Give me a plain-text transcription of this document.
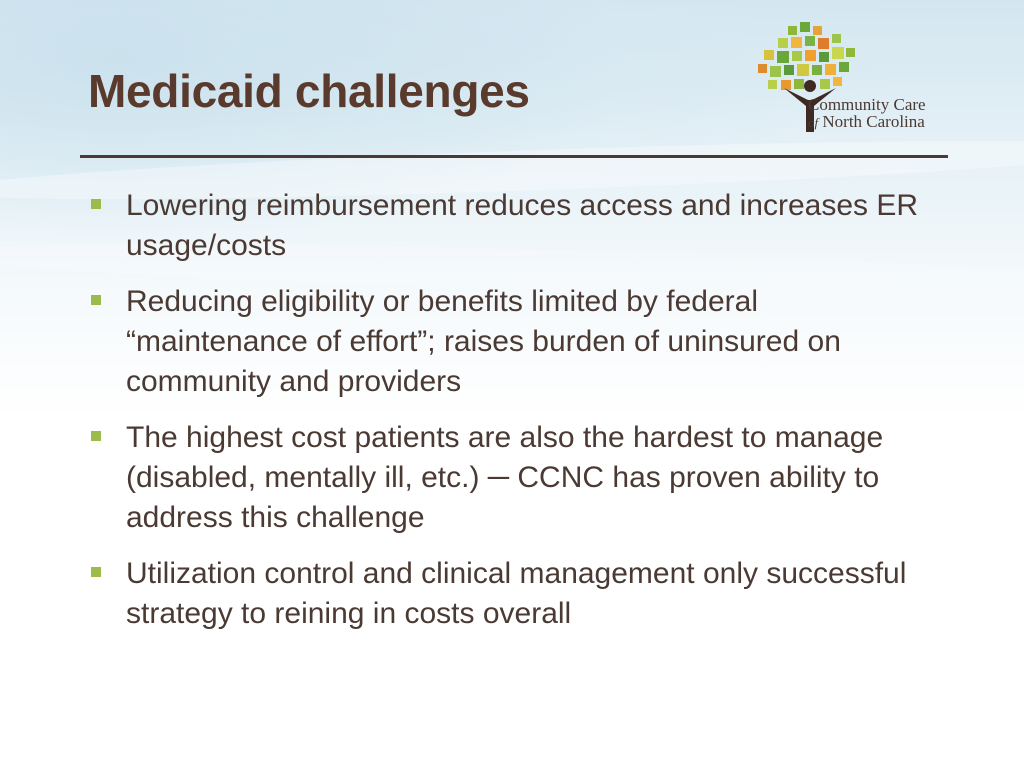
Medicaid challenges	Community Care
of North Carolina
Lowering reimbursement reduces access and increases ER usage/costs
Reducing eligibility or benefits limited by federal “maintenance of effort”; raises burden of uninsured on community and providers
The highest cost patients are also the hardest to manage (disabled, mentally ill, etc.) ─ CCNC has proven ability to address this challenge
Utilization control and clinical management only successful strategy to reining in costs overall
